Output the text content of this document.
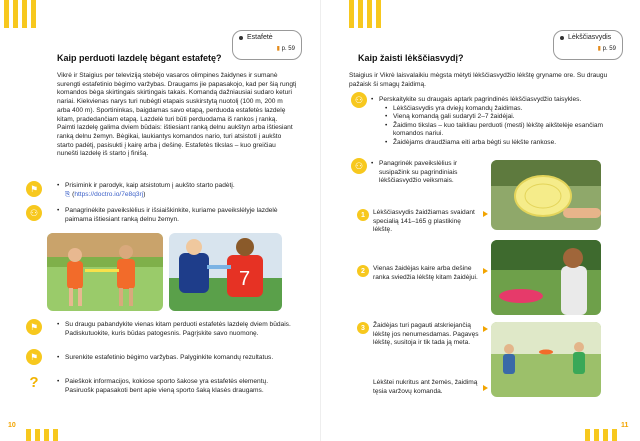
Estafetė
▮ p. 59
Kaip perduoti lazdelę bėgant estafetę?
Vikrė ir Staigius per televiziją stebėjo vasaros olimpines žaidynes ir sumanė surengti estafetinio bėgimo varžybas. Draugams jie papasakojo, kad per šią rungtį komandos bėga skirtingais skirtingais takais. Komandą dažniausiai sudaro keturi nariai. Kiekvienas narys turi nubėgti etapais suskirstytą nuotolį (100 m, 200 m arba 400 m). Sportininkas, baigdamas savo etapą, perduoda estafetės lazdelę kitam, pradedančiam etapą. Lazdelė turi būti perduodama iš rankos į ranką. Paimti lazdelę galima dviem būdais: ištiesiant ranką delnu aukštyn arba ištiesiant ranką delnu žemyn. Bėgikai, laukiantys komandos nario, turi atsistoti į aukšto starto padėtį, pasisukti į kairę arba į dešinę. Estafetės tikslas – kuo greičiau nunešti lazdelę iš starto į finišą.
⚑	• Prisimink ir parodyk, kaip atsistotum į aukšto starto padėtį.
⎘ (https://doctro.io/7e8q3rj)
⚇	• Panagrinėkite paveikslėlius ir išsiaiškinkite, kuriame paveikslėlyje lazdelė paimama ištiesiant ranką delnu žemyn.
7
⚑	• Su draugu pabandykite vienas kitam perduoti estafetės lazdelę dviem būdais. Padiskutuokite, kuris būdas patogesnis. Pagrįskite savo nuomonę.
⚑	• Surenkite estafetinio bėgimo varžybas. Palyginkite komandų rezultatus.
?	• Paieškok informacijos, kokiose sporto šakose yra estafetės elementų. Pasiruošk papasakoti bent apie vieną sporto šaką klasės draugams.
10
Lėkščiasvydis
▮ p. 59
Kaip žaisti lėkščiasvydį?
Staigius ir Vikrė laisvalaikiu mėgsta mėtyti lėkščiasvydžio lėkštę gryname ore. Su draugu pažaisk ši smagų žaidimą.
⚇	• Perskaitykite su draugais aptark pagrindinės lėkščiasvydžio taisykles.
• Lėkščiasvydis yra dviejų komandų žaidimas.
• Vieną komandą gali sudaryti 2–7 žaidėjai.
• Žaidimo tikslas – kuo taikliau perduoti (mesti) lėkštę aikštelėje esančiam komandos nariui.
• Žaidėjams draudžiama eiti arba bėgti su lėkšte rankose.
⚇	• Panagrinėk paveikslėlius ir susipažink su pagrindiniais lėkščiasvydžio veiksmais.
1	Lėkščiasvydis žaidžiamas svaidant specialią 141–165 g plastikinę lėkštę.
2	Vienas žaidėjas kaire arba dešine ranka sviedžia lėkštę kitam žaidėjui.
3	Žaidėjas turi pagauti atskriejančią lėkštę jos nenumesdamas. Pagavęs lėkštę, susitoja ir tik tada ją meta.
Lėkštei nukritus ant žemės, žaidimą tęsia varžovų komanda.
11
